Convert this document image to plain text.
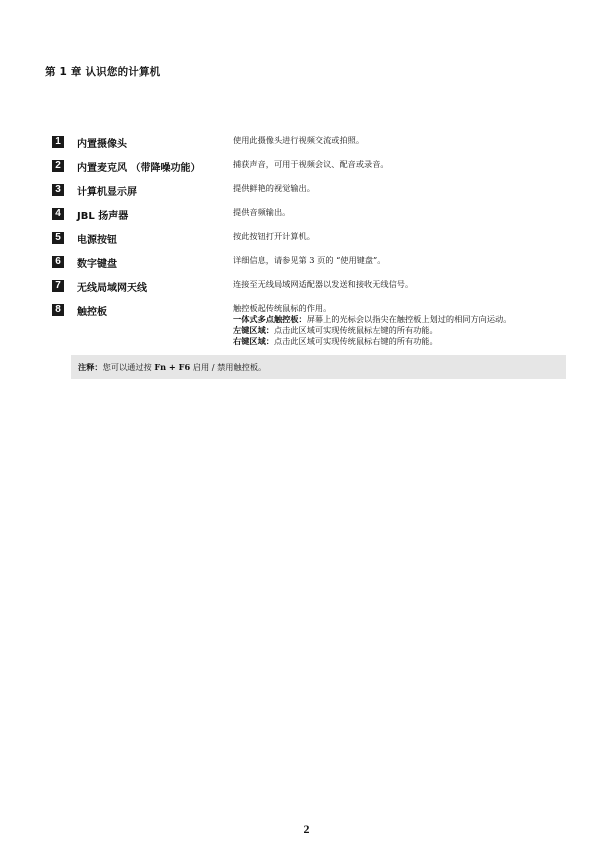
第 1 章 认识您的计算机
1	内置摄像头	使用此摄像头进行视频交流或拍照。
2	内置麦克风 （带降噪功能）	捕获声音，可用于视频会议、配音或录音。
3	计算机显示屏	提供鲜艳的视觉输出。
4	JBL 扬声器	提供音频输出。
5	电源按钮	按此按钮打开计算机。
6	数字键盘	详细信息，请参见第 3 页的 “使用键盘”。
7	无线局域网天线	连接至无线局域网适配器以发送和接收无线信号。
8	触控板	触控板起传统鼠标的作用。
一体式多点触控板：屏幕上的光标会以指尖在触控板上划过的相同方向运动。
左键区域：点击此区域可实现传统鼠标左键的所有功能。
右键区域：点击此区域可实现传统鼠标右键的所有功能。
注释：您可以通过按 Fn + F6 启用 / 禁用触控板。
2
